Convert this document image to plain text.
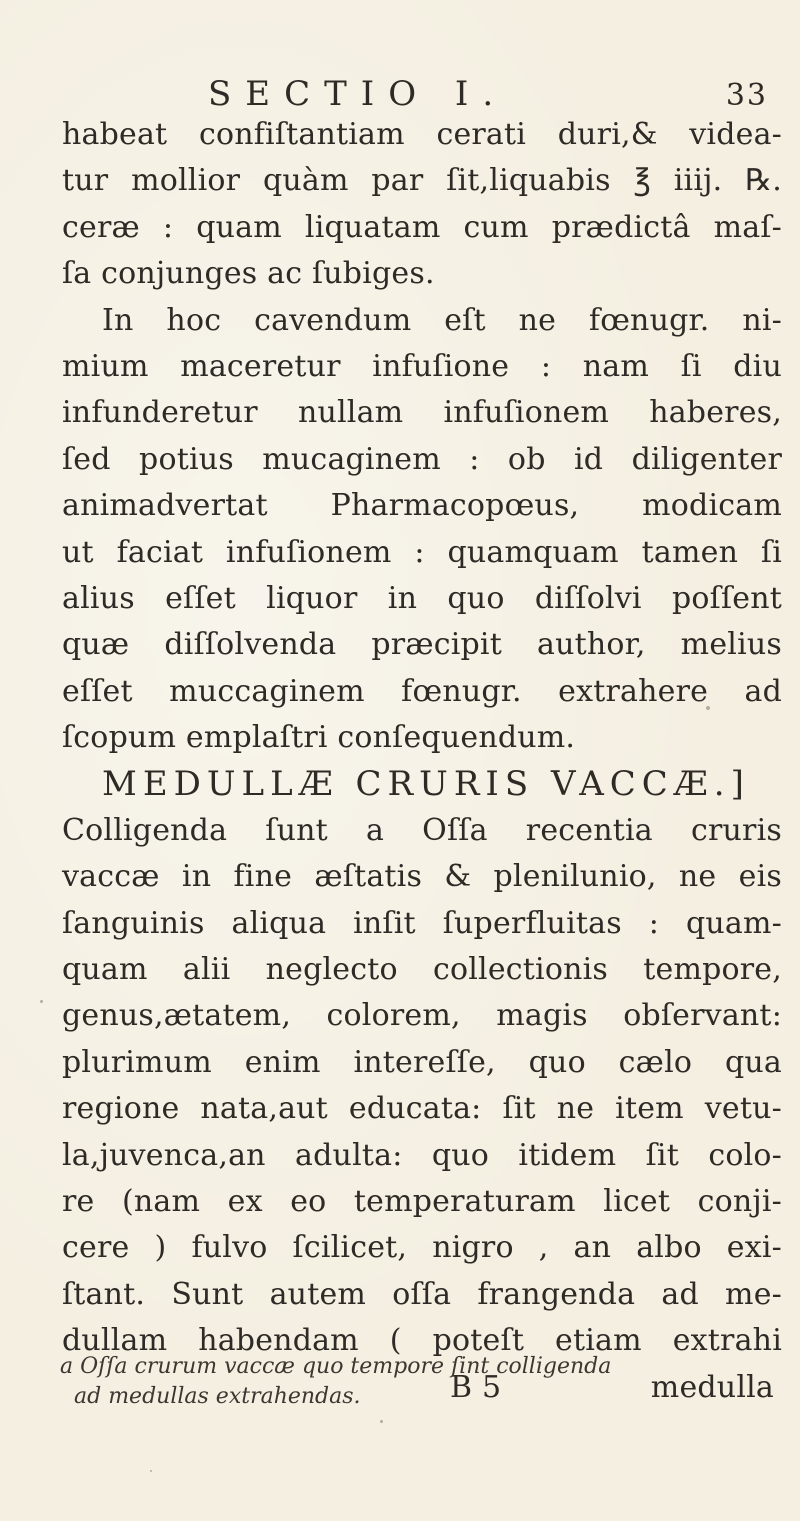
SECTIO I.	33
habeat confiſtantiam cerati duri,& videa-
tur mollior quàm par ſit,liquabis ℥ iiij. ℞.
ceræ : quam liquatam cum prædictâ maſ-
ſa conjunges ac ſubiges.
In hoc cavendum eſt ne fœnugr. ni-
mium maceretur infuſione : nam ſi diu
infunderetur nullam infuſionem haberes,
ſed potius mucaginem : ob id diligenter
animadvertat Pharmacopœus, modicam
ut faciat infuſionem : quamquam tamen ſi
alius eſſet liquor in quo diſſolvi poſſent
quæ diſſolvenda præcipit author, melius
eſſet muccaginem fœnugr. extrahere ad
ſcopum emplaſtri conſequendum.
MEDULLÆ CRURIS VACCÆ.]
Colligenda ſunt a Oſſa recentia cruris
vaccæ in fine æſtatis & plenilunio, ne eis
ſanguinis aliqua inſit ſuperfluitas : quam-
quam alii neglecto collectionis tempore,
genus,ætatem, colorem, magis obſervant:
plurimum enim intereſſe, quo cælo qua
regione nata,aut educata: ſit ne item vetu-
la,juvenca,an adulta: quo itidem ſit colo-
re (nam ex eo temperaturam licet conji-
cere ) fulvo ſcilicet, nigro , an albo exi-
ſtant. Sunt autem oſſa frangenda ad me-
dullam habendam ( poteſt etiam extrahi
B 5	medulla
a Oſſa crurum vaccæ quo tempore ſint colligenda
ad medullas extrahendas.
